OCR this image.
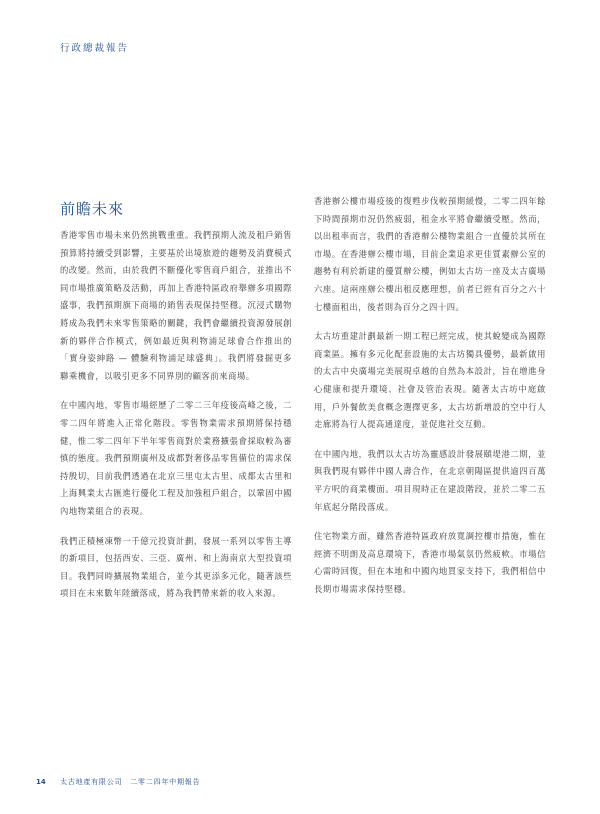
行政總裁報告
前瞻未來

香港零售市場未來仍然挑戰重重。我們預期人流及租戶銷售預算將持續受到影響，主要基於出境旅遊的趨勢及消費模式的改變。然而，由於我們不斷優化零售商戶組合，並推出不同市場推廣策略及活動，再加上香港特區政府舉辦多項國際盛事，我們預期旗下商場的銷售表現保持堅穩。沉浸式購物將成為我們未來零售策略的關鍵，我們會繼續投資源發展創新的夥伴合作模式，例如最近與利物浦足球會合作推出的「實身姿紳路 — 體驗利物浦足球盛典」。我們將發掘更多聯乘機會，以吸引更多不同界別的顧客前來商場。

在中國內地，零售市場經歷了二零二三年疫後高峰之後，二零二四年將進入正常化階段。零售物業需求預期將保持穩健，惟二零二四年下半年零售商對於業務擴張會採取較為審慎的態度。我們預期廣州及成都對奢侈品零售備位的需求保持殷切，目前我們透過在北京三里屯太古里、成都太古里和上海興業太古匯進行優化工程及加強租戶組合，以鞏固中國內地物業組合的表現。

我們正積極凍幣一千億元投資計劃，發展一系列以零售主導的新項目，包括西安、三亞、廣州、和上海南京大型投資項目。我們同時擴展物業組合，並今其更添多元化，隨著該些項目在未來數年陸續落成，將為我們帶來新的收入來源。

香港辦公樓市場疫後的復甦步伐較預期緩慢，二零二四年餘下時間預期市況仍然疲弱，租金水平將會繼續受壓。然而，以出租率而言，我們的香港辦公樓物業組合一直優於其所在市場。在香港辦公樓市場，目前企業追求更佳質素辦公室的趨勢有利於新建的優質辦公樓，例如太古坊一座及太古廣場六座。這兩座辦公樓出租反應理想，前者已經有百分之六十七樓面租出，後者則為百分之四十四。

太古坊重建計劃最新一期工程已經完成，使其蛻變成為國際商業區。擁有多元化配套設施的太古坊獨具優勢，最新啟用的太古中央廣場完美展現卓越的自然為本設計，旨在增進身心健康和提升環境、社會及管治表現。隨著太古坊中庭啟用，戶外餐飲美食概念選擇更多，太古坊新增設的空中行人走廊將為行人提高通達度，並促進社交互動。

在中國內地，我們以太古坊為靈感設計發展頤堤港二期，並與我們現有夥伴中國人壽合作，在北京朝陽區提供逾四百萬平方呎的商業樓面。項目現時正在建設階段，並於二零二五年底起分階段落成。

住宅物業方面，雖然香港特區政府放寬調控樓市措施，惟在經濟不明朗及高息環境下，香港市場氣氛仍然疲軟。市場信心需時回復，但在本地和中國內地買家支持下，我們相信中長期市場需求保持堅穩。

14 太古地產有限公司　二零二四年中期報告
